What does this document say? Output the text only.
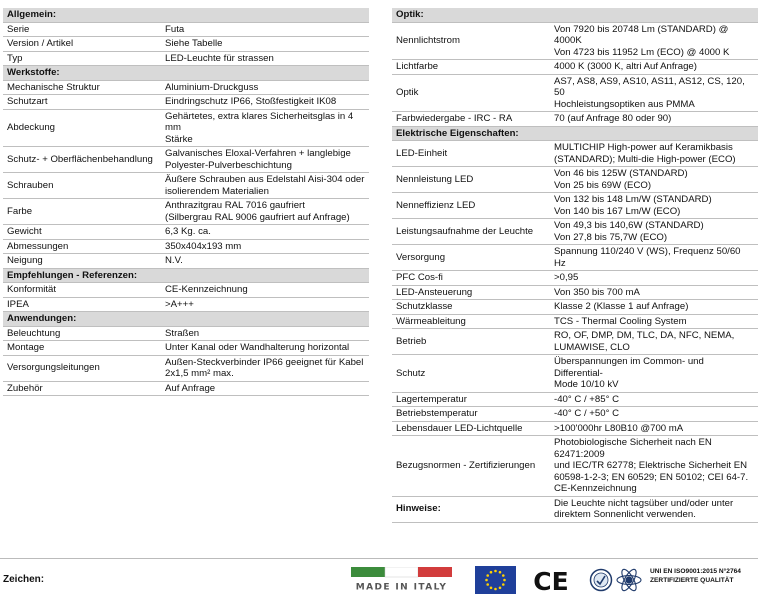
Allgemein:	
Serie	Futa

Version / Artikel	Siehe Tabelle

Typ	LED-Leuchte für strassen

Werkstoffe:	
Mechanische Struktur	Aluminium-Druckguss

Schutzart	Eindringschutz IP66, Stoßfestigkeit IK08

Abdeckung	Gehärtetes, extra klares Sicherheitsglas in 4 mm
Stärke

Schutz- + Oberflächenbehandlung	Galvanisches Eloxal-Verfahren + langlebige
Polyester-Pulverbeschichtung

Schrauben	Äußere Schrauben aus Edelstahl Aisi-304 oder
isolierendem Materialien

Farbe	Anthrazitgrau RAL 7016 gaufriert
(Silbergrau RAL 9006 gaufriert auf Anfrage)

Gewicht	6,3 Kg. ca.

Abmessungen	350x404x193 mm

Neigung	N.V.

Empfehlungen - Referenzen:	
Konformität	CE-Kennzeichnung

IPEA	>A+++

Anwendungen:	
Beleuchtung	Straßen

Montage	Unter Kanal oder Wandhalterung horizontal

Versorgungsleitungen	Außen-Steckverbinder IP66 geeignet für Kabel
2x1,5 mm² max.

Zubehör	Auf Anfrage
Optik:	
Nennlichtstrom	Von 7920 bis 20748 Lm (STANDARD) @ 4000K
Von 4723 bis 11952 Lm (ECO) @ 4000 K

Lichtfarbe	4000 K (3000 K, altri Auf Anfrage)

Optik	AS7, AS8, AS9, AS10, AS11, AS12, CS, 120, 50
Hochleistungsoptiken aus PMMA

Farbwiedergabe - IRC - RA	70 (auf Anfrage 80 oder 90)

Elektrische Eigenschaften:	
LED-Einheit	MULTICHIP High-power auf Keramikbasis
(STANDARD); Multi-die High-power (ECO)

Nennleistung LED	Von 46 bis 125W (STANDARD)
Von 25 bis 69W (ECO)

Nenneffizienz LED	Von 132 bis 148 Lm/W (STANDARD)
Von 140 bis 167 Lm/W (ECO)

Leistungsaufnahme der Leuchte	Von 49,3 bis 140,6W (STANDARD)
Von 27,8 bis 75,7W (ECO)

Versorgung	Spannung 110/240 V (WS), Frequenz 50/60 Hz

PFC Cos-fi	>0,95

LED-Ansteuerung	Von 350 bis 700 mA

Schutzklasse	Klasse 2 (Klasse 1 auf Anfrage)

Wärmeableitung	TCS - Thermal Cooling System

Betrieb	RO, OF, DMP, DM, TLC, DA, NFC, NEMA,
LUMAWISE, CLO

Schutz	Überspannungen im Common- und Differential-
Mode 10/10 kV

Lagertemperatur	-40° C / +85° C

Betriebstemperatur	-40° C / +50° C

Lebensdauer LED-Lichtquelle	>100'000hr L80B10 @700 mA

Bezugsnormen - Zertifizierungen	Photobiologische Sicherheit nach EN 62471:2009
und IEC/TR 62778; Elektrische Sicherheit EN
60598-1-2-3; EN 60529; EN 50102; CEI 64-7.
CE-Kennzeichnung

Hinweise:	Die Leuchte nicht tagsüber und/oder unter
direktem Sonnenlicht verwenden.
Zeichen:
MADE IN ITALY	CE	UNI EN ISO9001:2015 N°2764
ZERTIFIZIERTE QUALITÄT
